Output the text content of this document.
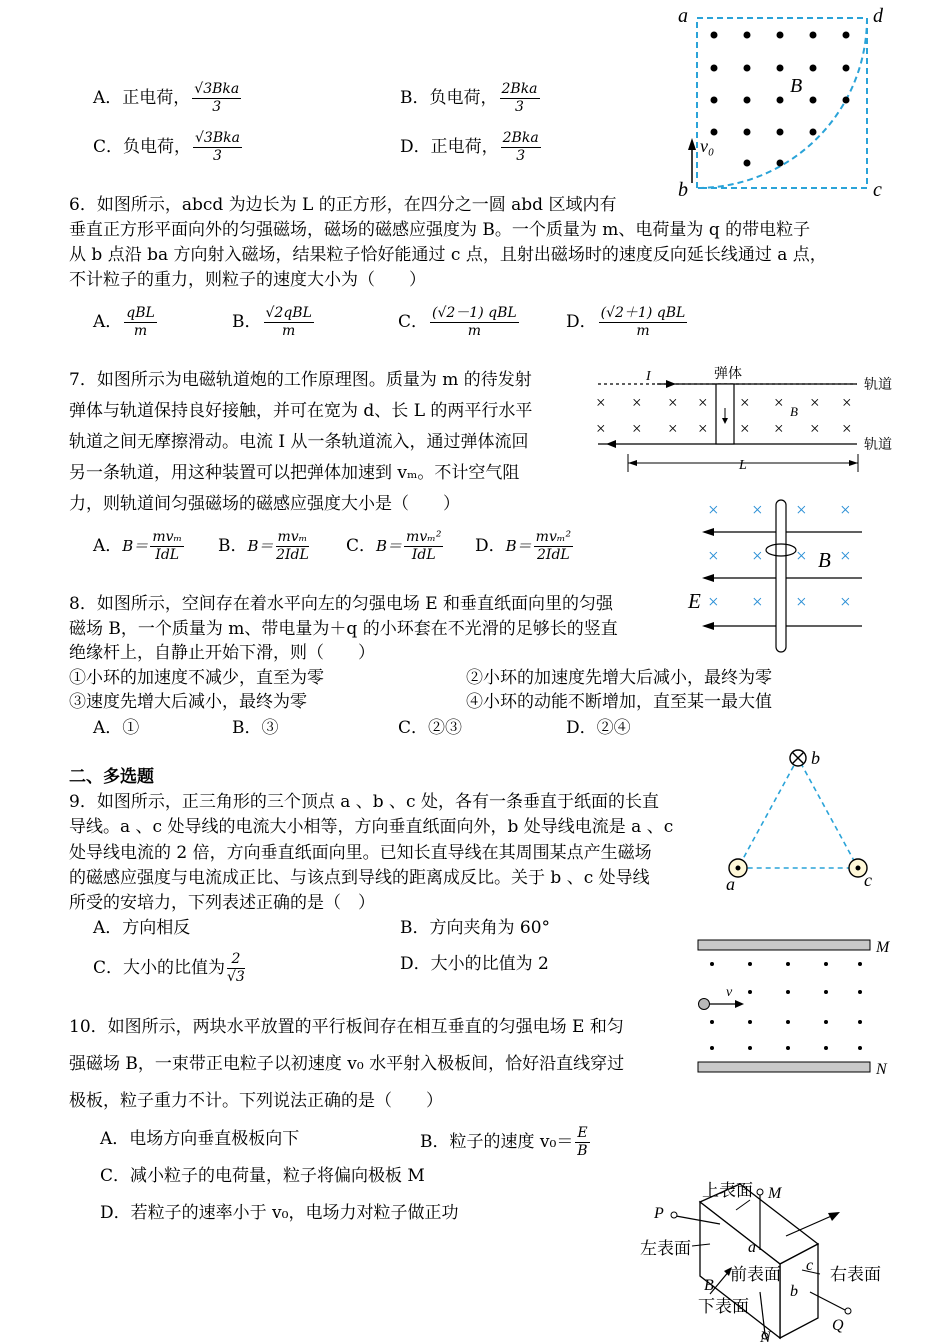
A．正电荷， $\frac{\text{√3Bka}}{3}$	B．负电荷， $\frac{\text{2Bka}}{3}$
C．负电荷， $\frac{\text{√3Bka}}{3}$	D．正电荷， $\frac{\text{2Bka}}{3}$
a	d
b	c
B
v₀
6．如图所示，abcd 为边长为 L 的正方形，在四分之一圆 abd 区域内有
垂直正方形平面向外的匀强磁场，磁场的磁感应强度为 B。一个质量为 m、电荷量为 q 的带电粒子
从 b 点沿 ba 方向射入磁场，结果粒子恰好能通过 c 点，且射出磁场时的速度反向延长线通过 a 点，
不计粒子的重力，则粒子的速度大小为（　　）
A． $\frac{\text{qBL}}{m}$	B． $\frac{\text{√2qBL}}{m}$	C． $\frac{\text{(√2－1) qBL}}{m}$	D． $\frac{\text{(√2＋1) qBL}}{m}$
7．如图所示为电磁轨道炮的工作原理图。质量为 m 的待发射
弹体与轨道保持良好接触，并可在宽为 d、长 L 的两平行水平
轨道之间无摩擦滑动。电流 I 从一条轨道流入，通过弹体流回
另一条轨道，用这种装置可以把弹体加速到 vₘ。不计空气阻
力，则轨道间匀强磁场的磁感应强度大小是（　　）
A．$B= \frac{\text{mvₘ}}{\text{IdL}}$ B．$B= \frac{\text{mvₘ}}{\text{2IdL}}$ C．$B= \frac{\text{mvₘ²}}{\text{IdL}}$ D．$B= \frac{\text{mvₘ²}}{\text{2IdL}}$
× × × × × × × ×
× × × × × × × ×
I	弹体
轨道
轨道
B
L
8．如图所示，空间存在着水平向左的匀强电场 E 和垂直纸面向里的匀强
磁场 B，一个质量为 m、带电量为＋q 的小环套在不光滑的足够长的竖直
绝缘杆上，自静止开始下滑，则（　　）
①小环的加速度不减少，直至为零	②小环的加速度先增大后减小，最终为零
③速度先增大后减小，最终为零	④小环的动能不断增加，直至某一最大值
A．①	B．③	C．②③	D．②④
× × × ×
× × × ×
× × × ×
B
E
二、多选题
9．如图所示，正三角形的三个顶点 a 、b 、c 处，各有一条垂直于纸面的长直
导线。a 、c 处导线的电流大小相等，方向垂直纸面向外，b 处导线电流是 a 、c
处导线电流的 2 倍，方向垂直纸面向里。已知长直导线在其周围某点产生磁场
的磁感应强度与电流成正比、与该点到导线的距离成反比。关于 b 、c 处导线
所受的安培力，下列表述正确的是（　）
A．方向相反	B．方向夹角为 60°
C．大小的比值为 $\frac{2}{√3}$	D．大小的比值为 2
b
a	c
v
M
N
10．如图所示，两块水平放置的平行板间存在相互垂直的匀强电场 E 和匀
强磁场 B，一束带正电粒子以初速度 v₀ 水平射入极板间，恰好沿直线穿过
极板，粒子重力不计。下列说法正确的是（　　）
A．电场方向垂直极板向下	B．粒子的速度 $v_0= \frac{E}{B}$
C．减小粒子的电荷量，粒子将偏向极板 M
D．若粒子的速率小于 v₀，电场力对粒子做正功
上表面 M
P
左表面	a
前表面 c 右表面
b
B
下表面
Q
N
